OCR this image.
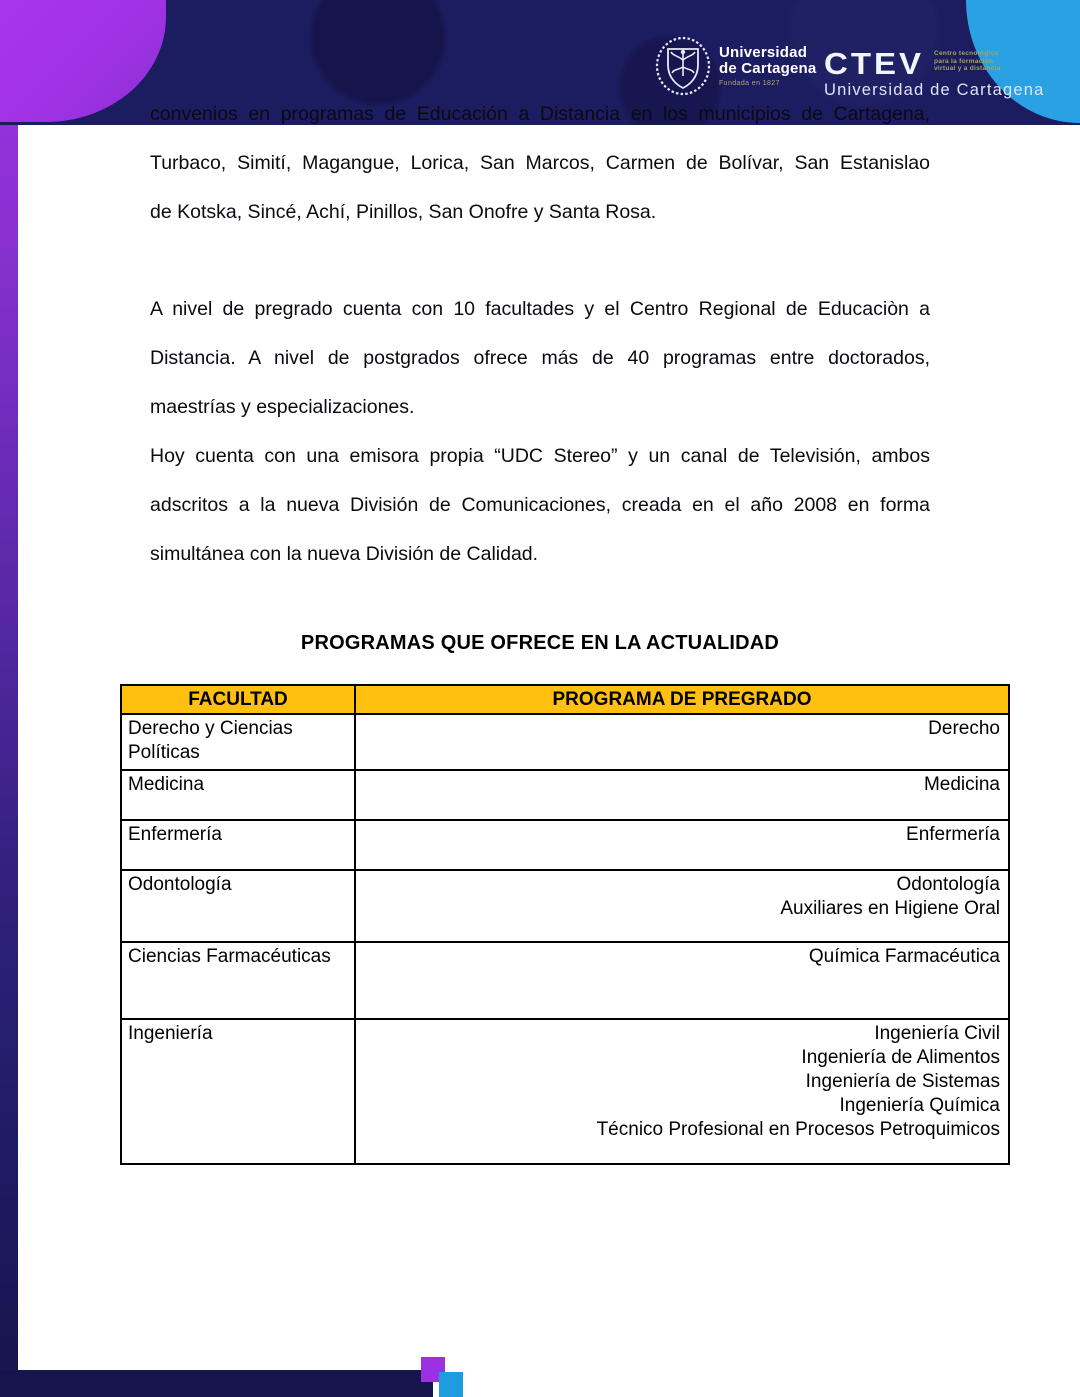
Universidad
de Cartagena
Fundada en 1827
CTEV Centro tecnológico
para la formación
virtual y a distancia
Universidad de Cartagena
convenios en programas de Educación a Distancia en los municipios de Cartagena,
Turbaco, Simití, Magangue, Lorica, San Marcos, Carmen de Bolívar, San Estanislao
de Kotska, Sincé, Achí, Pinillos, San Onofre y Santa Rosa.
A nivel de pregrado cuenta con 10 facultades y el Centro Regional de Educaciòn a
Distancia. A nivel de postgrados ofrece más de 40 programas entre doctorados,
maestrías y especializaciones.
Hoy cuenta con una emisora propia “UDC Stereo” y un canal de Televisión, ambos
adscritos a la nueva División de Comunicaciones, creada en el año 2008 en forma
simultánea con la nueva División de Calidad.
PROGRAMAS QUE OFRECE EN LA ACTUALIDAD
FACULTAD	PROGRAMA DE PREGRADO
Derecho y Ciencias Políticas	Derecho

Medicina	Medicina

Enfermería	Enfermería

Odontología	Odontología
Auxiliares en Higiene Oral

Ciencias Farmacéuticas	Química Farmacéutica

Ingeniería	Ingeniería Civil
Ingeniería de Alimentos
Ingeniería de Sistemas
Ingeniería Química
Técnico Profesional en Procesos Petroquimicos
